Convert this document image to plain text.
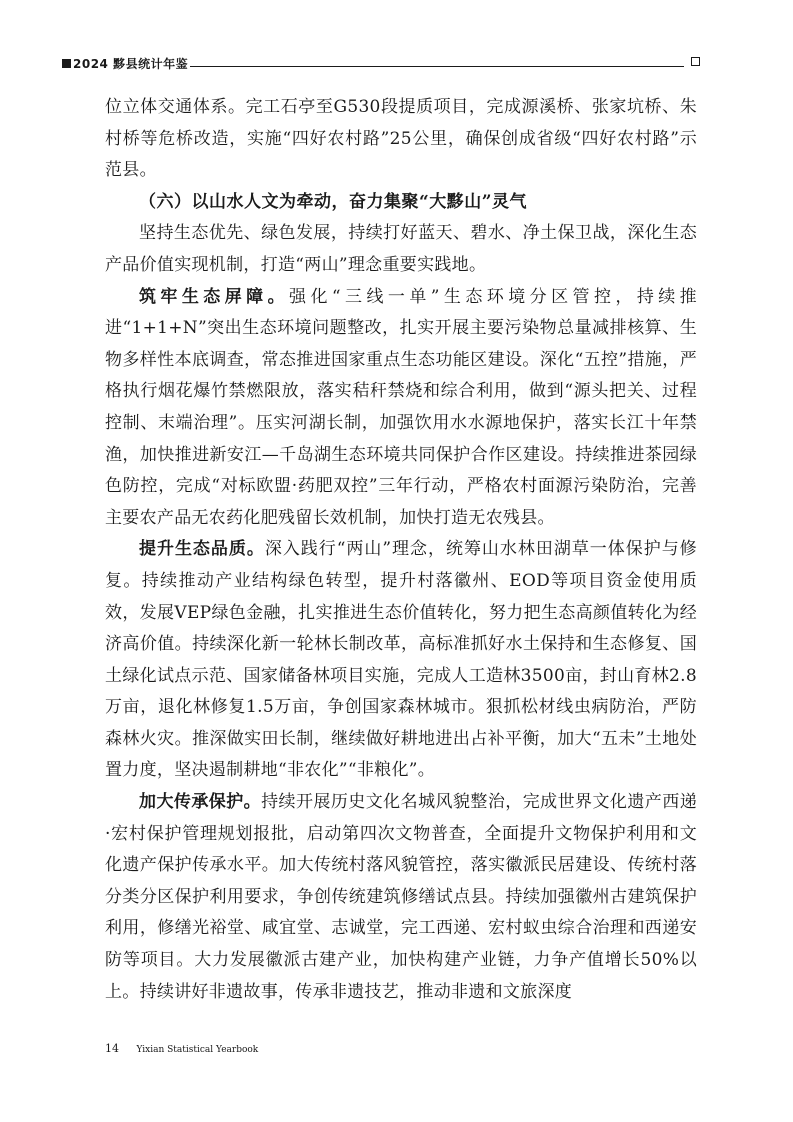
2024 黟县统计年鉴

位立体交通体系。完工石亭至G530段提质项目，完成源溪桥、张家坑桥、朱村桥等危桥改造，实施“四好农村路”25公里，确保创成省级“四好农村路”示范县。

（六）以山水人文为牵动，奋力集聚“大黟山”灵气

坚持生态优先、绿色发展，持续打好蓝天、碧水、净土保卫战，深化生态产品价值实现机制，打造“两山”理念重要实践地。

筑牢生态屏障。强化“三线一单”生态环境分区管控，持续推进“1+1+N”突出生态环境问题整改，扎实开展主要污染物总量减排核算、生物多样性本底调查，常态推进国家重点生态功能区建设。深化“五控”措施，严格执行烟花爆竹禁燃限放，落实秸秆禁烧和综合利用，做到“源头把关、过程控制、末端治理”。压实河湖长制，加强饮用水水源地保护，落实长江十年禁渔，加快推进新安江—千岛湖生态环境共同保护合作区建设。持续推进茶园绿色防控，完成“对标欧盟·药肥双控”三年行动，严格农村面源污染防治，完善主要农产品无农药化肥残留长效机制，加快打造无农残县。

提升生态品质。深入践行“两山”理念，统筹山水林田湖草一体保护与修复。持续推动产业结构绿色转型，提升村落徽州、EOD等项目资金使用质效，发展VEP绿色金融，扎实推进生态价值转化，努力把生态高颜值转化为经济高价值。持续深化新一轮林长制改革，高标准抓好水土保持和生态修复、国土绿化试点示范、国家储备林项目实施，完成人工造林3500亩，封山育林2.8万亩，退化林修复1.5万亩，争创国家森林城市。狠抓松材线虫病防治，严防森林火灾。推深做实田长制，继续做好耕地进出占补平衡，加大“五未”土地处置力度，坚决遏制耕地“非农化”“非粮化”。

加大传承保护。持续开展历史文化名城风貌整治，完成世界文化遗产西递·宏村保护管理规划报批，启动第四次文物普查，全面提升文物保护利用和文化遗产保护传承水平。加大传统村落风貌管控，落实徽派民居建设、传统村落分类分区保护利用要求，争创传统建筑修缮试点县。持续加强徽州古建筑保护利用，修缮光裕堂、咸宜堂、志诚堂，完工西递、宏村蚁虫综合治理和西递安防等项目。大力发展徽派古建产业，加快构建产业链，力争产值增长50%以上。持续讲好非遗故事，传承非遗技艺，推动非遗和文旅深度

14 Yixian Statistical Yearbook
